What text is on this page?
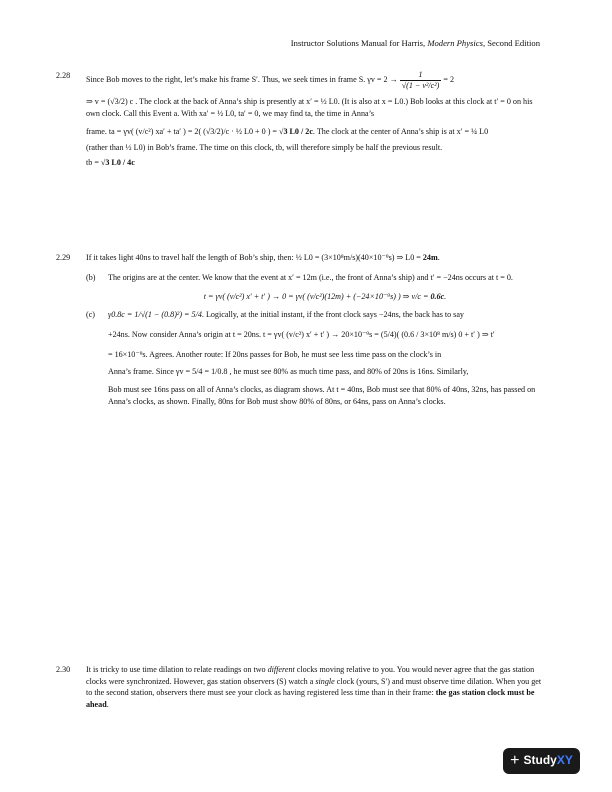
Instructor Solutions Manual for Harris, Modern Physics, Second Edition
2.28	Since Bob moves to the right, let’s make his frame S′. Thus, we seek times in frame S. $\gamma v = 2 \to \frac{1}{\text{√(1 − v²/c²)}} = 2$
⇒ v = (√3/2) c . The clock at the back of Anna’s ship is presently at x′ = ½ L0. (It is also at x = L0.) Bob looks at this clock at t′ = 0 on his own clock. Call this Event a. With xa′ = ½ L0, ta′ = 0, we may find ta, the time in Anna’s
frame. ta = γv( (v/c²) xa′ + ta′ ) = 2( (√3/2)/c · ½ L0 + 0 ) = √3 L0 / 2c. The clock at the center of Anna’s ship is at x′ = ¼ L0
(rather than ½ L0) in Bob’s frame. The time on this clock, tb, will therefore simply be half the previous result.
tb = √3 L0 / 4c
2.29	If it takes light 40ns to travel half the length of Bob’s ship, then: ½ L0 = (3×10⁸m/s)(40×10⁻⁹s) ⇒ L0 = 24m.
(b) The origins are at the center. We know that the event at x′ = 12m (i.e., the front of Anna’s ship) and t′ = −24ns occurs at t = 0.
t = γv( (v/c²) x′ + t′ ) → 0 = γv( (v/c²)(12m) + (−24×10⁻⁹s) ) ⇒ v/c = 0.6c.
(c) γ0.8c = 1/√(1 − (0.8)²) = 5/4. Logically, at the initial instant, if the front clock says −24ns, the back has to say
+24ns. Now consider Anna’s origin at t = 20ns. t = γv( (v/c²) x′ + t′ ) → 20×10⁻⁹s = (5/4)( (0.6 / 3×10⁸ m/s) 0 + t′ ) ⇒ t′
= 16×10⁻⁹s. Agrees. Another route: If 20ns passes for Bob, he must see less time pass on the clock’s in
Anna’s frame. Since γv = 5/4 = 1/0.8 , he must see 80% as much time pass, and 80% of 20ns is 16ns. Similarly,
Bob must see 16ns pass on all of Anna’s clocks, as diagram shows. At t = 40ns, Bob must see that 80% of 40ns, 32ns, has passed on Anna’s clocks, as shown. Finally, 80ns for Bob must show 80% of 80ns, or 64ns, pass on Anna’s clocks.
2.30	It is tricky to use time dilation to relate readings on two different clocks moving relative to you. You would never agree that the gas station clocks were synchronized. However, gas station observers (S) watch a single clock (yours, S′) and must observe time dilation. When you get to the second station, observers there must see your clock as having registered less time than in their frame: the gas station clock must be ahead.
+ StudyXY
